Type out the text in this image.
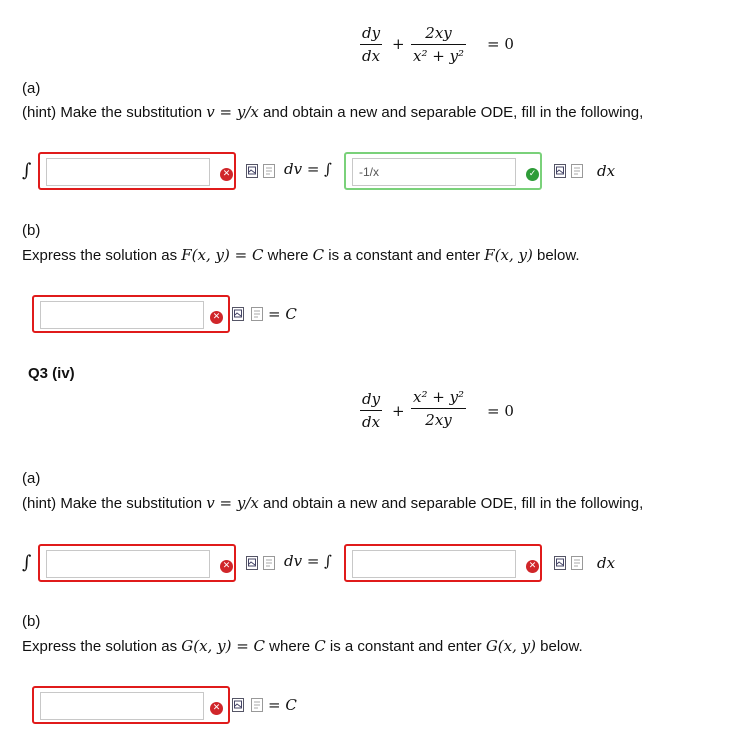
dy
dx
+
2xy
x² + y²
= 0
(a)
(hint) Make the substitution v = y/x and obtain a new and separable ODE, fill in the following,
∫	✕	dv = ∫
-1/x	✓	dx
(b)
Express the solution as F(x, y) = C where C is a constant and enter F(x, y) below.
✕	= C
Q3 (iv)
dy
dx
+
x² + y²
2xy = 0
(a)
(hint) Make the substitution v = y/x and obtain a new and separable ODE, fill in the following,
∫	✕	dv = ∫	✕	dx
(b)
Express the solution as G(x, y) = C where C is a constant and enter G(x, y) below.
✕	= C
